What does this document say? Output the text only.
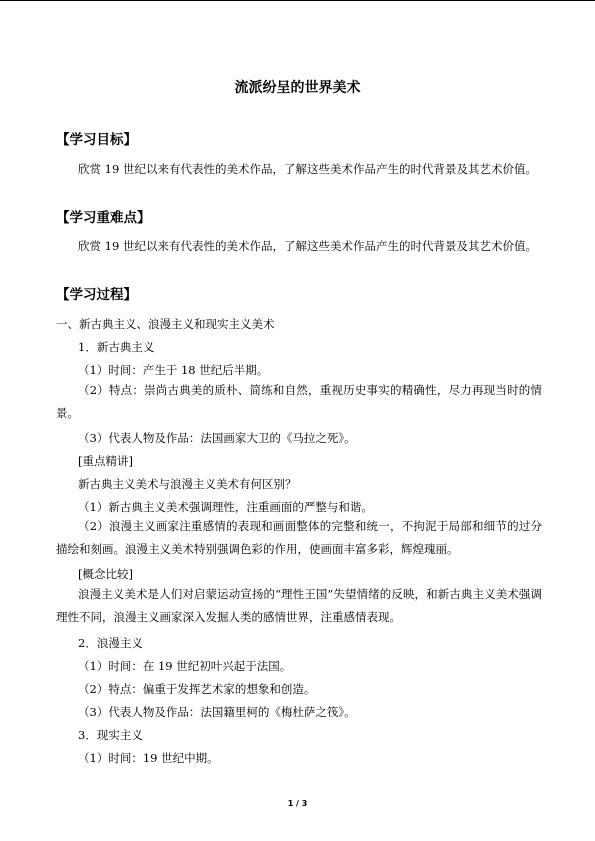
流派纷呈的世界美术
【学习目标】
欣赏 19 世纪以来有代表性的美术作品，了解这些美术作品产生的时代背景及其艺术价值。
【学习重难点】
欣赏 19 世纪以来有代表性的美术作品，了解这些美术作品产生的时代背景及其艺术价值。
【学习过程】
一、新古典主义、浪漫主义和现实主义美术
1．新古典主义
（1）时间：产生于 18 世纪后半期。
（2）特点：崇尚古典美的质朴、简练和自然，重视历史事实的精确性，尽力再现当时的情景。
（3）代表人物及作品：法国画家大卫的《马拉之死》。
[重点精讲]
新古典主义美术与浪漫主义美术有何区别？
（1）新古典主义美术强调理性，注重画面的严整与和谐。
（2）浪漫主义画家注重感情的表现和画面整体的完整和统一，不拘泥于局部和细节的过分描绘和刻画。浪漫主义美术特别强调色彩的作用，使画面丰富多彩，辉煌瑰丽。
[概念比较]
浪漫主义美术是人们对启蒙运动宣扬的“理性王国”失望情绪的反映，和新古典主义美术强调理性不同，浪漫主义画家深入发掘人类的感情世界，注重感情表现。
2．浪漫主义
（1）时间：在 19 世纪初叶兴起于法国。
（2）特点：偏重于发挥艺术家的想象和创造。
（3）代表人物及作品：法国籍里柯的《梅杜萨之筏》。
3．现实主义
（1）时间：19 世纪中期。
1 / 3
